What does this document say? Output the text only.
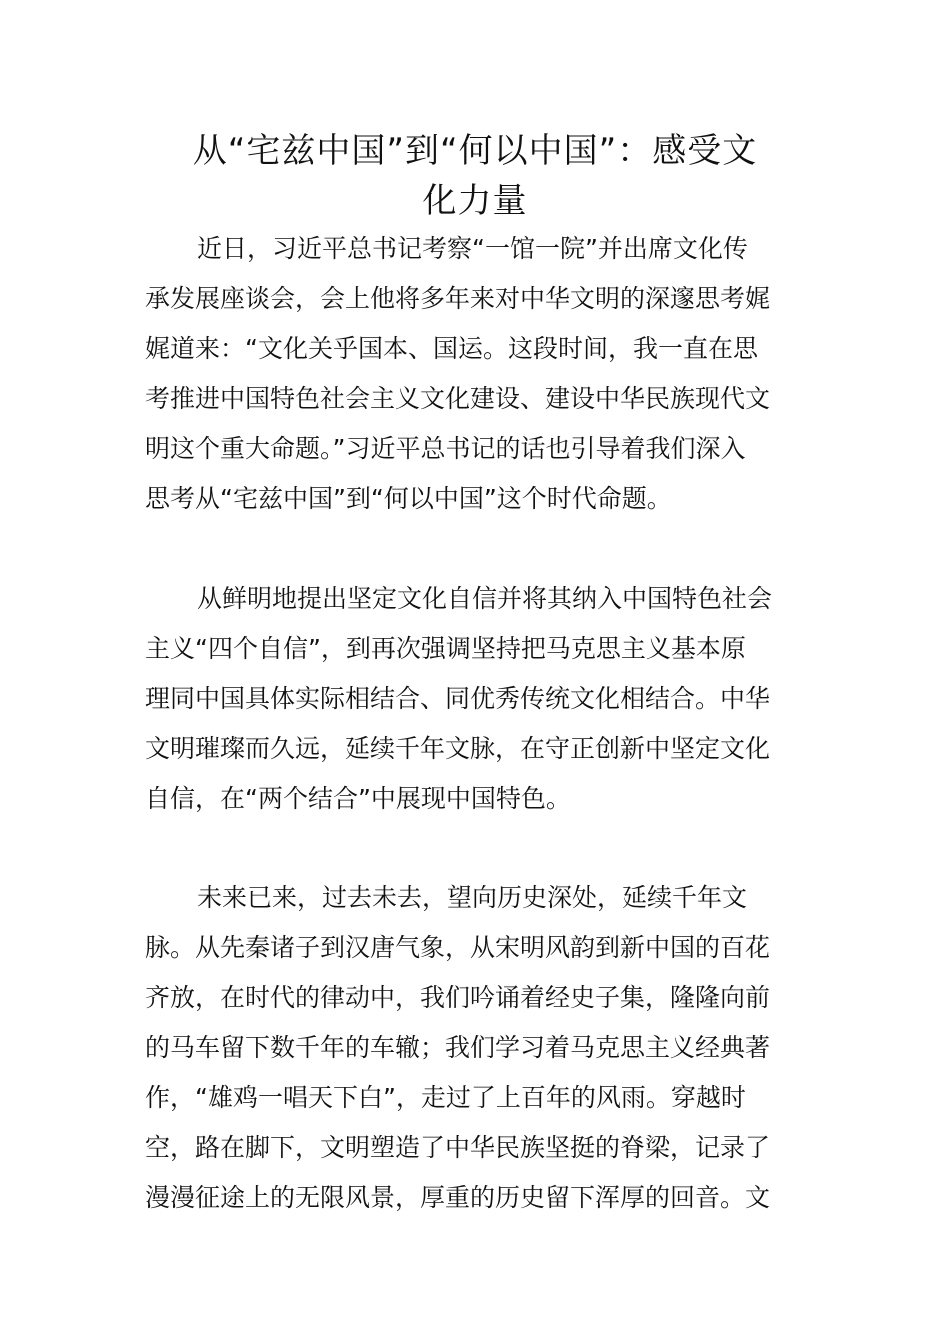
从“宅兹中国”到“何以中国”：感受文
化力量
近日，习近平总书记考察“一馆一院”并出席文化传
承发展座谈会，会上他将多年来对中华文明的深邃思考娓
娓道来：“文化关乎国本、国运。这段时间，我一直在思
考推进中国特色社会主义文化建设、建设中华民族现代文
明这个重大命题。”习近平总书记的话也引导着我们深入
思考从“宅兹中国”到“何以中国”这个时代命题。
从鲜明地提出坚定文化自信并将其纳入中国特色社会
主义“四个自信”，到再次强调坚持把马克思主义基本原
理同中国具体实际相结合、同优秀传统文化相结合。中华
文明璀璨而久远，延续千年文脉，在守正创新中坚定文化
自信，在“两个结合”中展现中国特色。
未来已来，过去未去，望向历史深处，延续千年文
脉。从先秦诸子到汉唐气象，从宋明风韵到新中国的百花
齐放，在时代的律动中，我们吟诵着经史子集，隆隆向前
的马车留下数千年的车辙；我们学习着马克思主义经典著
作，“雄鸡一唱天下白”，走过了上百年的风雨。穿越时
空，路在脚下，文明塑造了中华民族坚挺的脊梁，记录了
漫漫征途上的无限风景，厚重的历史留下浑厚的回音。文
